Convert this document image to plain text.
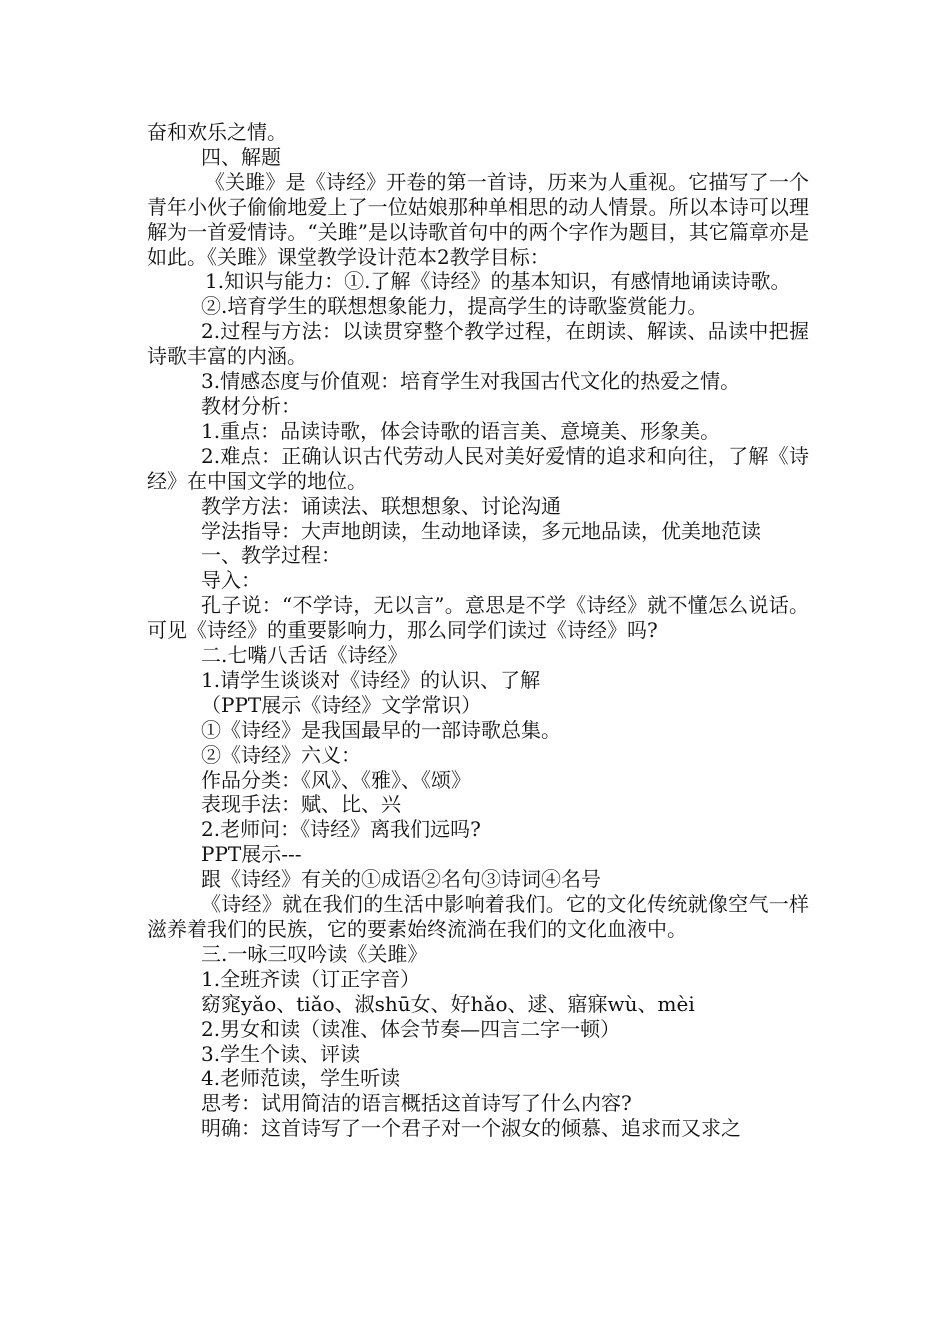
奋和欢乐之情。

四、解题

《关雎》是《诗经》开卷的第一首诗，历来为人重视。它描写了一个青年小伙子偷偷地爱上了一位姑娘那种单相思的动人情景。所以本诗可以理解为一首爱情诗。“关雎”是以诗歌首句中的两个字作为题目，其它篇章亦是如此。《关雎》课堂教学设计范本2教学目标：

1.知识与能力：①.了解《诗经》的基本知识，有感情地诵读诗歌。

②.培育学生的联想想象能力，提高学生的诗歌鉴赏能力。

2.过程与方法：以读贯穿整个教学过程，在朗读、解读、品读中把握诗歌丰富的内涵。

3.情感态度与价值观：培育学生对我国古代文化的热爱之情。

教材分析：

1.重点：品读诗歌，体会诗歌的语言美、意境美、形象美。

2.难点：正确认识古代劳动人民对美好爱情的追求和向往，了解《诗经》在中国文学的地位。

教学方法：诵读法、联想想象、讨论沟通

学法指导：大声地朗读，生动地译读，多元地品读，优美地范读

一、教学过程：

导入：

孔子说：“不学诗，无以言”。意思是不学《诗经》就不懂怎么说话。可见《诗经》的重要影响力，那么同学们读过《诗经》吗?

二.七嘴八舌话《诗经》

1.请学生谈谈对《诗经》的认识、了解

（PPT展示《诗经》文学常识）

①《诗经》是我国最早的一部诗歌总集。

②《诗经》六义：

作品分类：《风》、《雅》、《颂》

表现手法：赋、比、兴

2.老师问：《诗经》离我们远吗?

PPT展示---

跟《诗经》有关的①成语②名句③诗词④名号

《诗经》就在我们的生活中影响着我们。它的文化传统就像空气一样滋养着我们的民族，它的要素始终流淌在我们的文化血液中。

三.一咏三叹吟读《关雎》

1.全班齐读（订正字音）

窈窕yǎo、tiǎo、淑shū女、好hǎo、逑、寤寐wù、mèi

2.男女和读（读准、体会节奏—四言二字一顿）

3.学生个读、评读

4.老师范读，学生听读

思考：试用简洁的语言概括这首诗写了什么内容?

明确：这首诗写了一个君子对一个淑女的倾慕、追求而又求之
